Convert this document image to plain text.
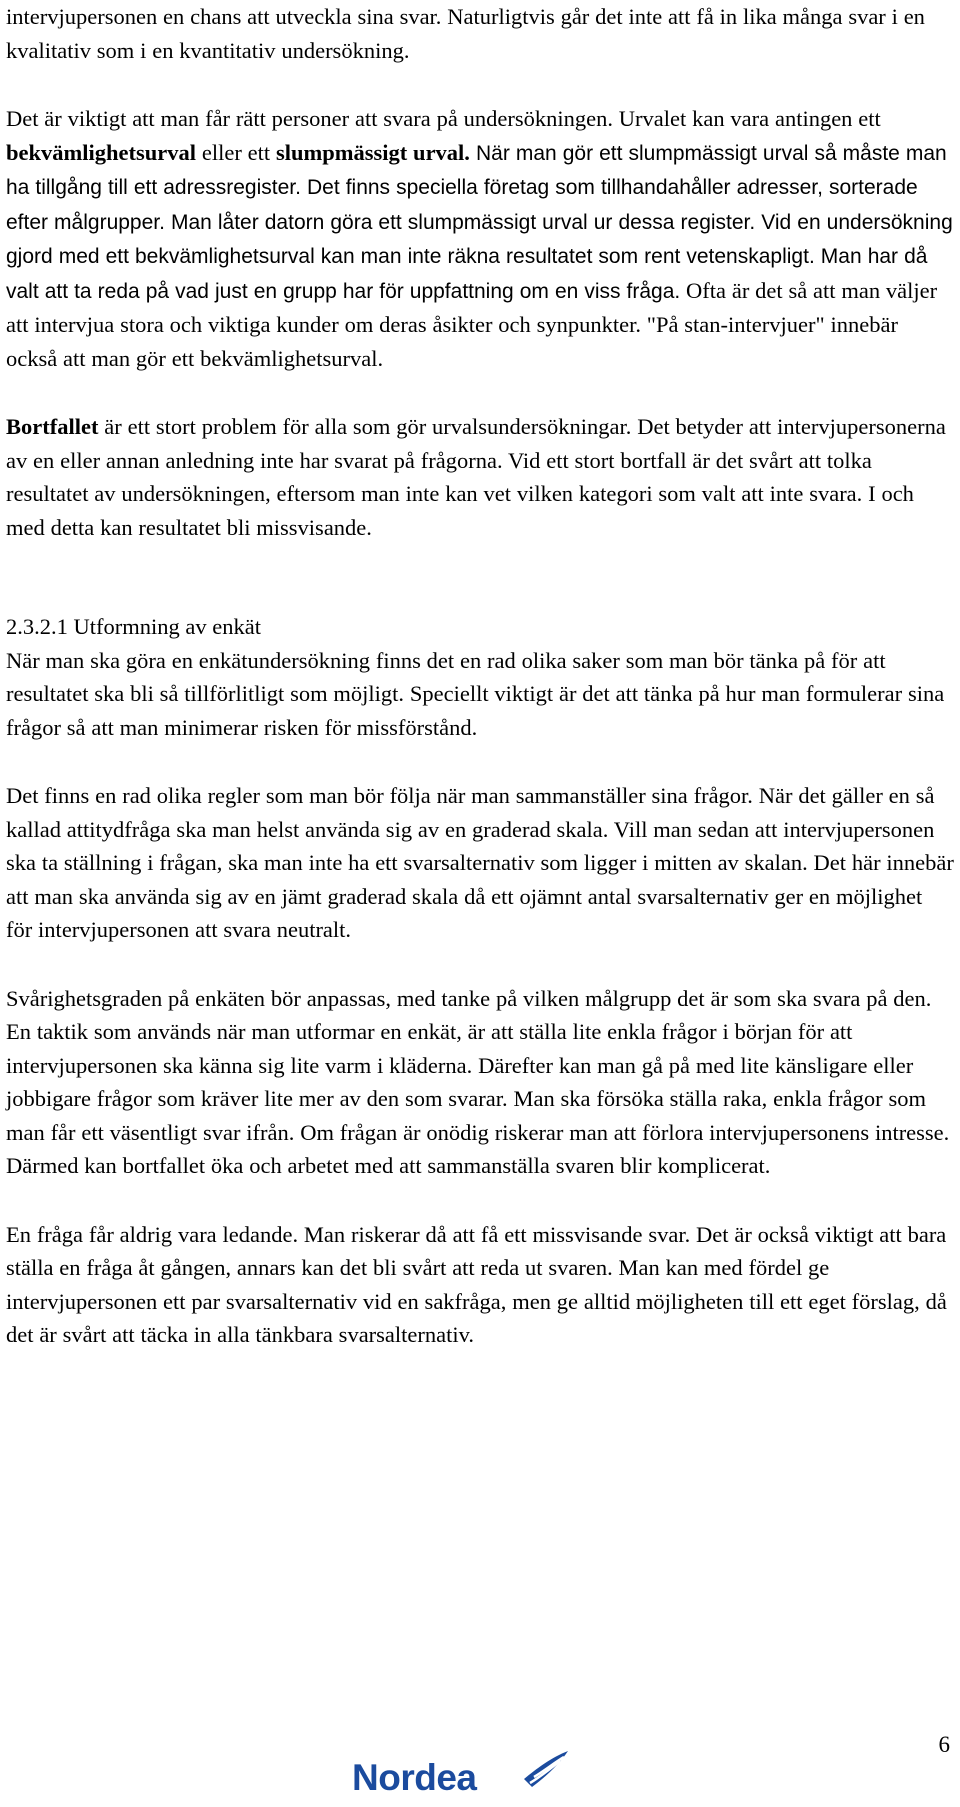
intervjupersonen en chans att utveckla sina svar. Naturligtvis går det inte att få in lika många svar i en kvalitativ som i en kvantitativ undersökning.

Det är viktigt att man får rätt personer att svara på undersökningen. Urvalet kan vara antingen ett bekvämlighetsurval eller ett slumpmässigt urval. När man gör ett slumpmässigt urval så måste man ha tillgång till ett adressregister. Det finns speciella företag som tillhandahåller adresser, sorterade efter målgrupper. Man låter datorn göra ett slumpmässigt urval ur dessa register. Vid en undersökning gjord med ett bekvämlighetsurval kan man inte räkna resultatet som rent vetenskapligt. Man har då valt att ta reda på vad just en grupp har för uppfattning om en viss fråga. Ofta är det så att man väljer att intervjua stora och viktiga kunder om deras åsikter och synpunkter. "På stan-intervjuer" innebär också att man gör ett bekvämlighetsurval.

Bortfallet är ett stort problem för alla som gör urvalsundersökningar. Det betyder att intervjupersonerna av en eller annan anledning inte har svarat på frågorna. Vid ett stort bortfall är det svårt att tolka resultatet av undersökningen, eftersom man inte kan vet vilken kategori som valt att inte svara. I och med detta kan resultatet bli missvisande.

2.3.2.1 Utformning av enkät

När man ska göra en enkätundersökning finns det en rad olika saker som man bör tänka på för att resultatet ska bli så tillförlitligt som möjligt. Speciellt viktigt är det att tänka på hur man formulerar sina frågor så att man minimerar risken för missförstånd.

Det finns en rad olika regler som man bör följa när man sammanställer sina frågor. När det gäller en så kallad attitydfråga ska man helst använda sig av en graderad skala. Vill man sedan att intervjupersonen ska ta ställning i frågan, ska man inte ha ett svarsalternativ som ligger i mitten av skalan. Det här innebär att man ska använda sig av en jämt graderad skala då ett ojämnt antal svarsalternativ ger en möjlighet för intervjupersonen att svara neutralt.

Svårighetsgraden på enkäten bör anpassas, med tanke på vilken målgrupp det är som ska svara på den. En taktik som används när man utformar en enkät, är att ställa lite enkla frågor i början för att intervjupersonen ska känna sig lite varm i kläderna. Därefter kan man gå på med lite känsligare eller jobbigare frågor som kräver lite mer av den som svarar. Man ska försöka ställa raka, enkla frågor som man får ett väsentligt svar ifrån. Om frågan är onödig riskerar man att förlora intervjupersonens intresse. Därmed kan bortfallet öka och arbetet med att sammanställa svaren blir komplicerat.

En fråga får aldrig vara ledande. Man riskerar då att få ett missvisande svar. Det är också viktigt att bara ställa en fråga åt gången, annars kan det bli svårt att reda ut svaren. Man kan med fördel ge intervjupersonen ett par svarsalternativ vid en sakfråga, men ge alltid möjligheten till ett eget förslag, då det är svårt att täcka in alla tänkbara svarsalternativ.

6
Nordea
